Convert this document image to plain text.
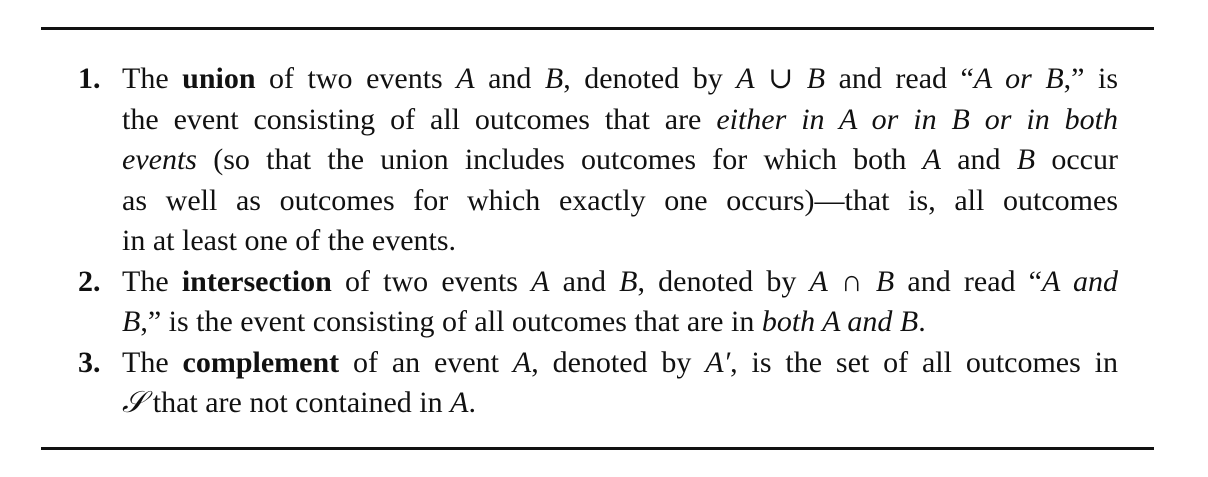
1. The union of two events A and B, denoted by A ∪ B and read “A or B,” is
the event consisting of all outcomes that are either in A or in B or in both
events (so that the union includes outcomes for which both A and B occur
as well as outcomes for which exactly one occurs)—that is, all outcomes
in at least one of the events.
2. The intersection of two events A and B, denoted by A ∩ B and read “A and
B,” is the event consisting of all outcomes that are in both A and B.
3. The complement of an event A, denoted by A′, is the set of all outcomes in
𝒮 that are not contained in A.
